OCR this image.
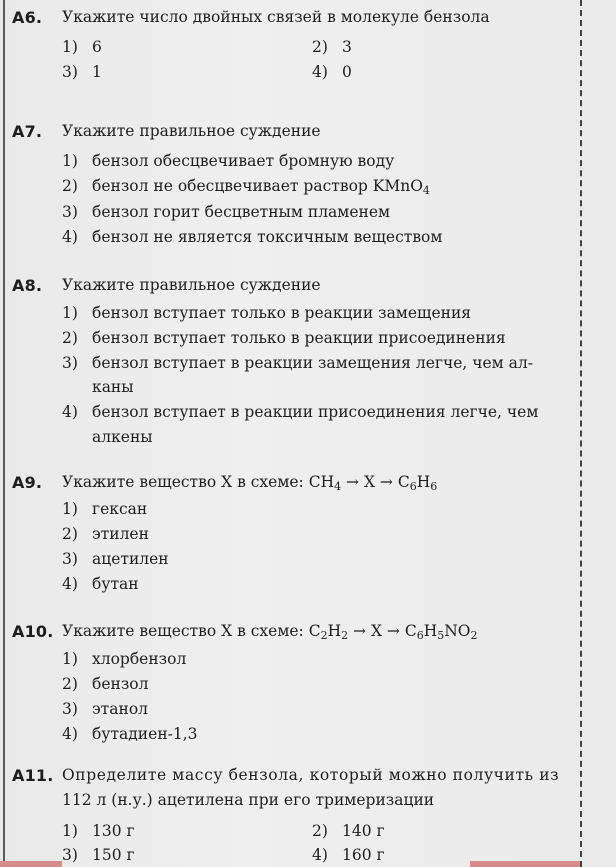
А6. Укажите число двойных связей в молекуле бензола
1) 6	2) 3
3) 1	4) 0
А7. Укажите правильное суждение
1) бензол обесцвечивает бромную воду
2) бензол не обесцвечивает раствор KMnO$_4$
3) бензол горит бесцветным пламенем
4) бензол не является токсичным веществом
А8. Укажите правильное суждение
1) бензол вступает только в реакции замещения
2) бензол вступает только в реакции присоединения
3) бензол вступает в реакции замещения легче, чем ал-
каны
4) бензол вступает в реакции присоединения легче, чем
алкены
А9. Укажите вещество X в схеме: $CH_4 \to X \to C_6H_6$
1) гексан
2) этилен
3) ацетилен
4) бутан
А10. Укажите вещество X в схеме: $C_2H_2 \to X \to C_6H_5NO_2$
1) хлорбензол
2) бензол
3) этанол
4) бутадиен-1,3
А11. Определите массу бензола, который можно получить из
112 л (н.у.) ацетилена при его тримеризации
1) 130 г	2) 140 г
3) 150 г	4) 160 г
